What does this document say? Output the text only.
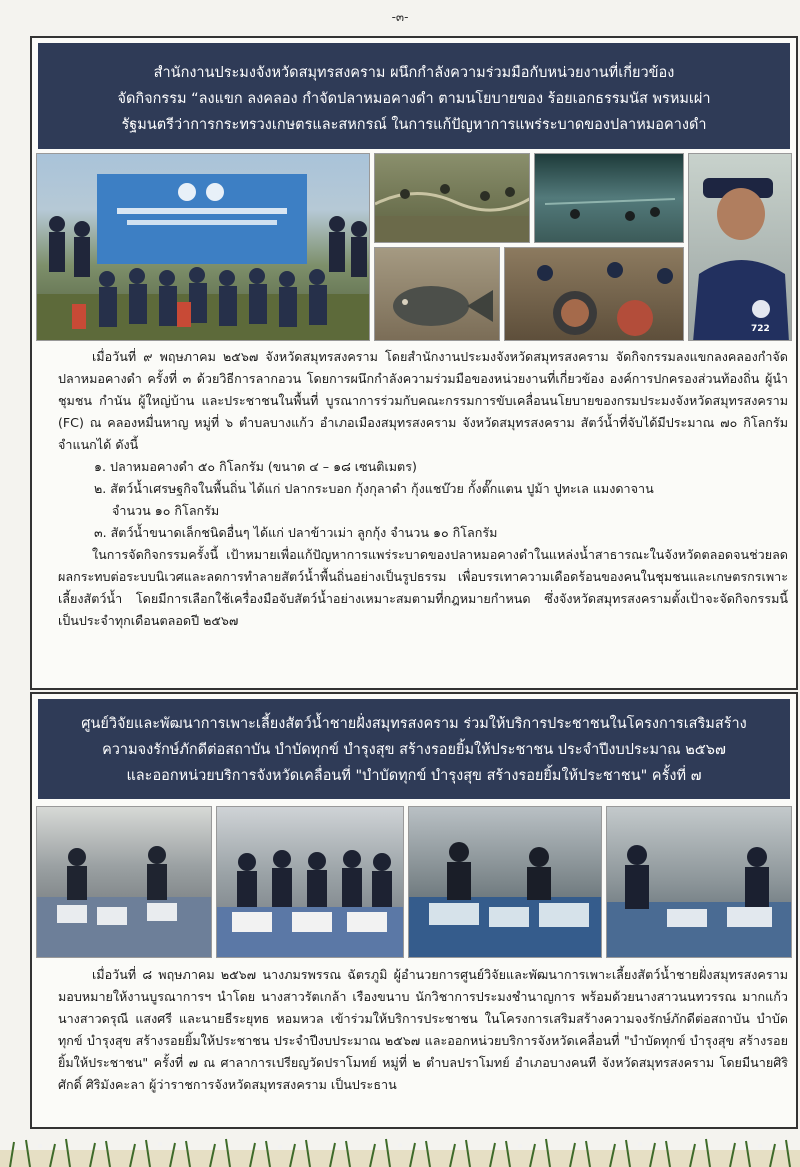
-๓-
สำนักงานประมงจังหวัดสมุทรสงคราม ผนึกกำลังความร่วมมือกับหน่วยงานที่เกี่ยวข้อง
จัดกิจกรรม “ลงแขก ลงคลอง กำจัดปลาหมอคางดำ ตามนโยบายของ ร้อยเอกธรรมนัส พรหมเผ่า
รัฐมนตรีว่าการกระทรวงเกษตรและสหกรณ์ ในการแก้ปัญหาการแพร่ระบาดของปลาหมอคางดำ
722

เมื่อวันที่ ๙ พฤษภาคม ๒๕๖๗ จังหวัดสมุทรสงคราม โดยสำนักงานประมงจังหวัดสมุทรสงคราม จัดกิจกรรมลงแขกลงคลองกำจัดปลาหมอคางดำ ครั้งที่ ๓ ด้วยวิธีการลากอวน โดยการผนึกกำลังความร่วมมือของหน่วยงานที่เกี่ยวข้อง องค์การปกครองส่วนท้องถิ่น ผู้นำชุมชน กำนัน ผู้ใหญ่บ้าน และประชาชนในพื้นที่ บูรณาการร่วมกับคณะกรรมการขับเคลื่อนนโยบายของกรมประมงจังหวัดสมุทรสงคราม (FC) ณ คลองหมื่นหาญ หมู่ที่ ๖ ตำบลบางแก้ว อำเภอเมืองสมุทรสงคราม จังหวัดสมุทรสงคราม สัตว์น้ำที่จับได้มีประมาณ ๗๐ กิโลกรัม จำแนกได้ ดังนี้

๑. ปลาหมอคางดำ ๕๐ กิโลกรัม (ขนาด ๔ – ๑๘ เซนติเมตร)
๒. สัตว์น้ำเศรษฐกิจในพื้นถิ่น ได้แก่ ปลากระบอก กุ้งกุลาดำ กุ้งแชบ๊วย กั้งตั๊กแตน ปูม้า ปูทะเล แมงดาจาน
จำนวน ๑๐ กิโลกรัม
๓. สัตว์น้ำขนาดเล็กชนิดอื่นๆ ได้แก่ ปลาข้าวเม่า ลูกกุ้ง จำนวน ๑๐ กิโลกรัม

ในการจัดกิจกรรมครั้งนี้ เป้าหมายเพื่อแก้ปัญหาการแพร่ระบาดของปลาหมอคางดำในแหล่งน้ำสาธารณะในจังหวัดตลอดจนช่วยลดผลกระทบต่อระบบนิเวศและลดการทำลายสัตว์น้ำพื้นถิ่นอย่างเป็นรูปธรรม เพื่อบรรเทาความเดือดร้อนของคนในชุมชนและเกษตรกรเพาะเลี้ยงสัตว์น้ำ โดยมีการเลือกใช้เครื่องมือจับสัตว์น้ำอย่างเหมาะสมตามที่กฎหมายกำหนด ซึ่งจังหวัดสมุทรสงครามตั้งเป้าจะจัดกิจกรรมนี้เป็นประจำทุกเดือนตลอดปี ๒๕๖๗

ศูนย์วิจัยและพัฒนาการเพาะเลี้ยงสัตว์น้ำชายฝั่งสมุทรสงคราม ร่วมให้บริการประชาชนในโครงการเสริมสร้าง
ความจงรักษ์ภักดีต่อสถาบัน บำบัดทุกข์ บำรุงสุข สร้างรอยยิ้มให้ประชาชน ประจำปีงบประมาณ ๒๕๖๗
และออกหน่วยบริการจังหวัดเคลื่อนที่ "บำบัดทุกข์ บำรุงสุข สร้างรอยยิ้มให้ประชาชน" ครั้งที่ ๗

เมื่อวันที่ ๘ พฤษภาคม ๒๕๖๗ นางภมรพรรณ ฉัตรภูมิ ผู้อำนวยการศูนย์วิจัยและพัฒนาการเพาะเลี้ยงสัตว์น้ำชายฝั่งสมุทรสงคราม มอบหมายให้งานบูรณาการฯ นำโดย นางสาวรัตเกล้า เรืองขนาบ นักวิชาการประมงชำนาญการ พร้อมด้วยนางสาวนนทวรรณ มากแก้ว นางสาวดรุณี แสงศรี และนายธีระยุทธ หอมหวล เข้าร่วมให้บริการประชาชน ในโครงการเสริมสร้างความจงรักษ์ภักดีต่อสถาบัน บำบัดทุกข์ บำรุงสุข สร้างรอยยิ้มให้ประชาชน ประจำปีงบประมาณ ๒๕๖๗ และออกหน่วยบริการจังหวัดเคลื่อนที่ "บำบัดทุกข์ บำรุงสุข สร้างรอยยิ้มให้ประชาชน" ครั้งที่ ๗ ณ ศาลาการเปรียญวัดปราโมทย์ หมู่ที่ ๒ ตำบลปราโมทย์ อำเภอบางคนที จังหวัดสมุทรสงคราม โดยมีนายศิริศักดิ์ ศิริมังคะลา ผู้ว่าราชการจังหวัดสมุทรสงคราม เป็นประธาน
